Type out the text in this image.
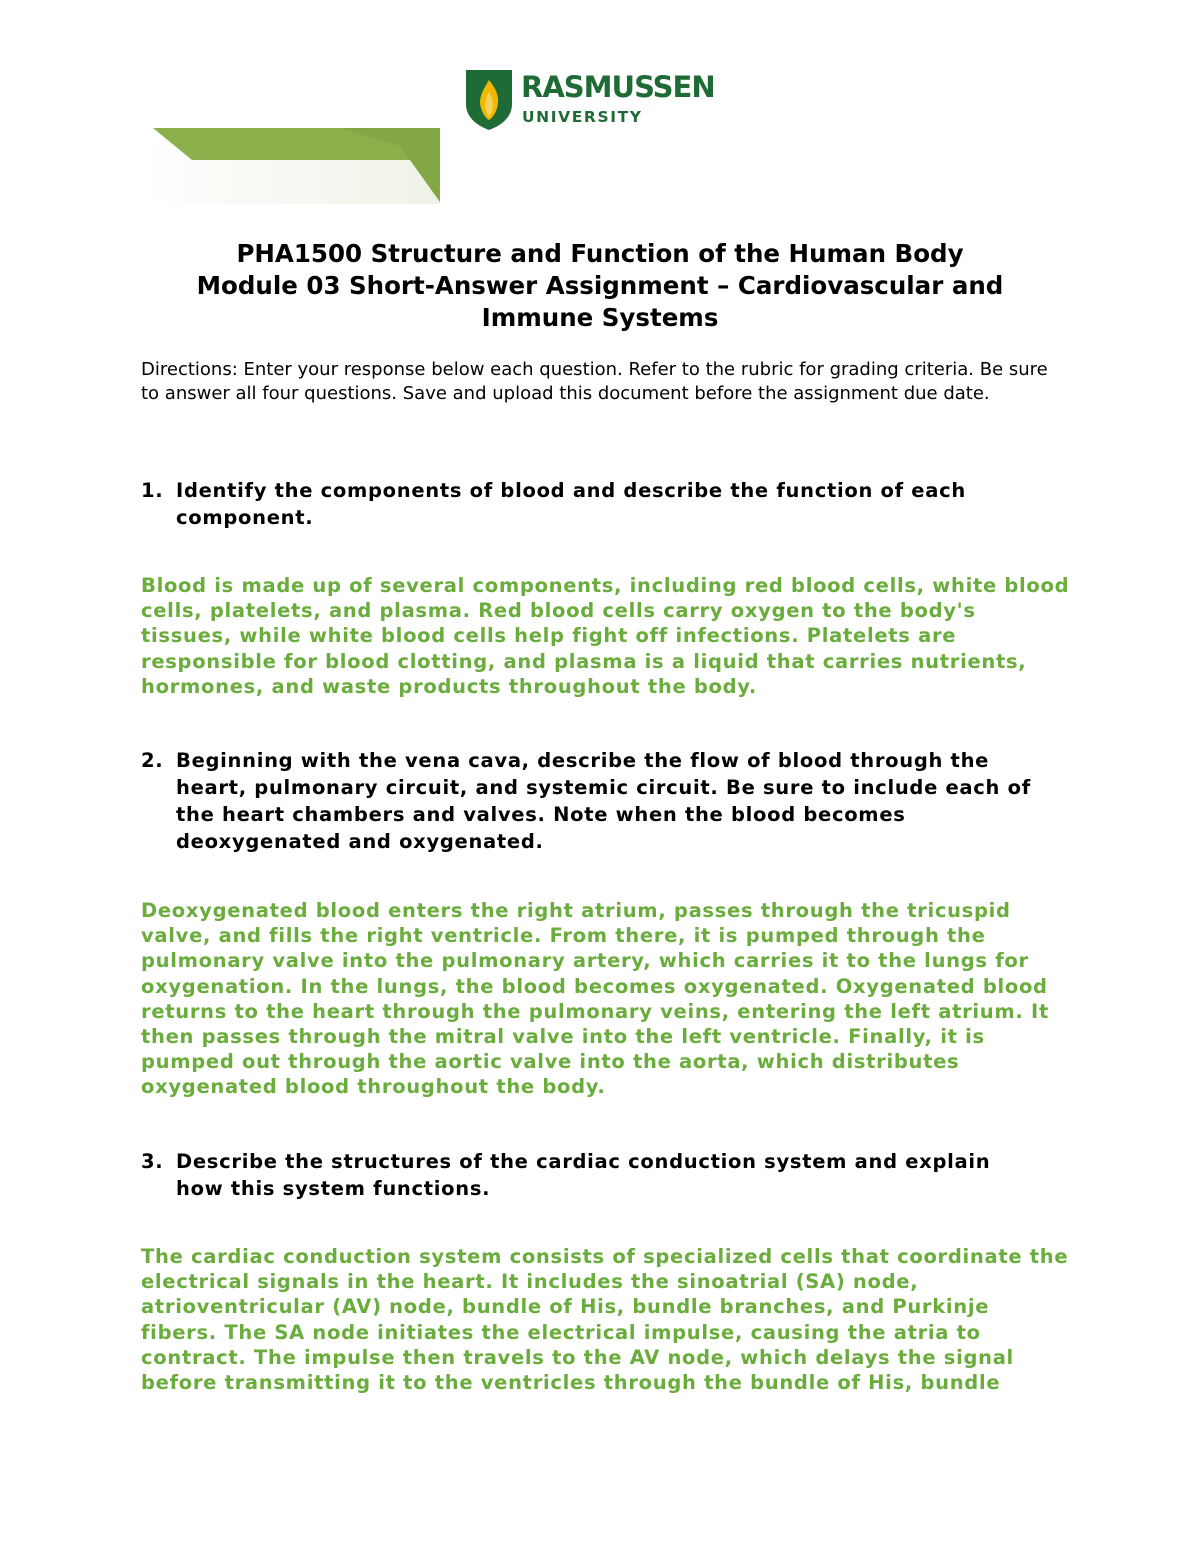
RASMUSSEN
UNIVERSITY
PHA1500 Structure and Function of the Human Body
Module 03 Short-Answer Assignment – Cardiovascular and
Immune Systems

Directions: Enter your response below each question. Refer to the rubric for grading criteria. Be sure to answer all four questions. Save and upload this document before the assignment due date.

1. Identify the components of blood and describe the function of each component.

Blood is made up of several components, including red blood cells, white blood cells, platelets, and plasma. Red blood cells carry oxygen to the body's tissues, while white blood cells help fight off infections. Platelets are responsible for blood clotting, and plasma is a liquid that carries nutrients, hormones, and waste products throughout the body.

2. Beginning with the vena cava, describe the flow of blood through the heart, pulmonary circuit, and systemic circuit. Be sure to include each of the heart chambers and valves. Note when the blood becomes deoxygenated and oxygenated.

Deoxygenated blood enters the right atrium, passes through the tricuspid valve, and fills the right ventricle. From there, it is pumped through the pulmonary valve into the pulmonary artery, which carries it to the lungs for oxygenation. In the lungs, the blood becomes oxygenated. Oxygenated blood returns to the heart through the pulmonary veins, entering the left atrium. It then passes through the mitral valve into the left ventricle. Finally, it is pumped out through the aortic valve into the aorta, which distributes oxygenated blood throughout the body.

3. Describe the structures of the cardiac conduction system and explain how this system functions.

The cardiac conduction system consists of specialized cells that coordinate the electrical signals in the heart. It includes the sinoatrial (SA) node, atrioventricular (AV) node, bundle of His, bundle branches, and Purkinje fibers. The SA node initiates the electrical impulse, causing the atria to contract. The impulse then travels to the AV node, which delays the signal before transmitting it to the ventricles through the bundle of His, bundle
